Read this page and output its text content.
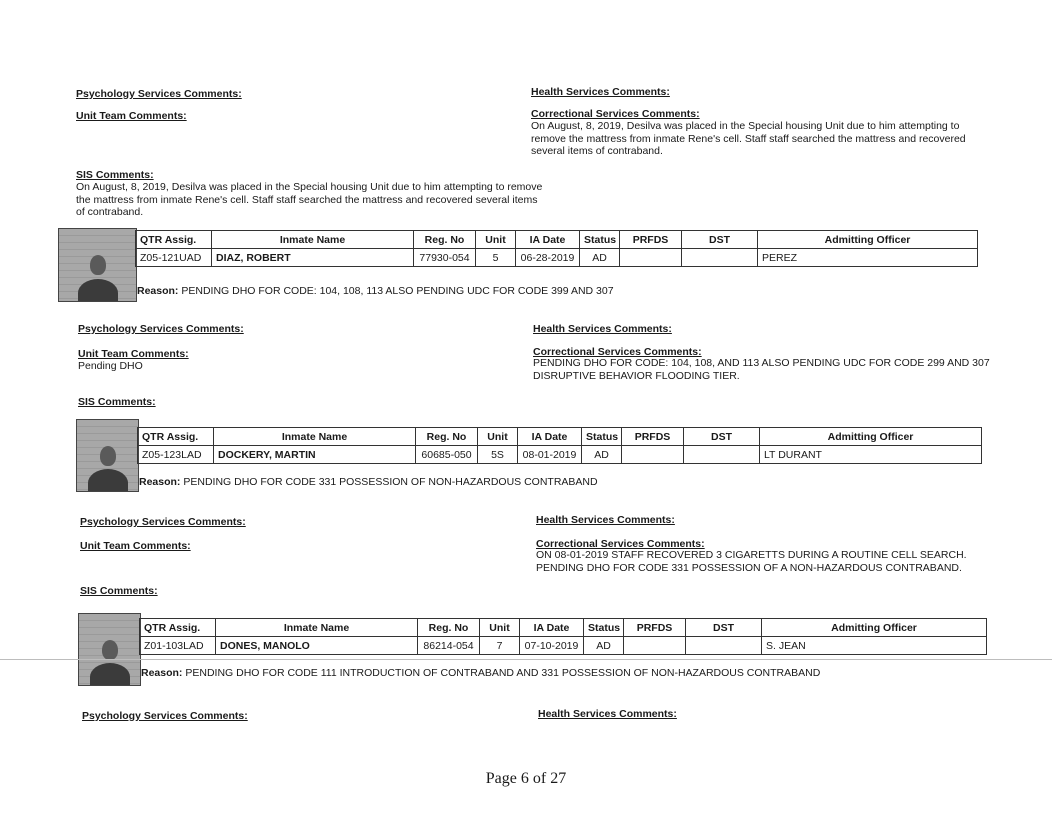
Psychology Services Comments:
Unit Team Comments:
SIS Comments:
On August, 8, 2019, Desilva was placed in the Special housing Unit due to him attempting to remove
the mattress from inmate Rene's cell. Staff staff searched the mattress and recovered several items
of contraband.
Health Services Comments:
Correctional Services Comments:
On August, 8, 2019, Desilva was placed in the Special housing Unit due to him attempting to
remove the mattress from inmate Rene's cell. Staff staff searched the mattress and recovered
several items of contraband.
QTR Assig.	Inmate Name	Reg. No	Unit	IA Date	Status	PRFDS	DST	Admitting Officer
Z05-121UAD	DIAZ, ROBERT	77930-054	5	06-28-2019	AD			PEREZ
Reason: PENDING DHO FOR CODE: 104, 108, 113 ALSO PENDING UDC FOR CODE 399 AND 307
Psychology Services Comments:
Unit Team Comments:
Pending DHO
SIS Comments:
Health Services Comments:
Correctional Services Comments:
PENDING DHO FOR CODE: 104, 108, AND 113 ALSO PENDING UDC FOR CODE 299 AND 307
DISRUPTIVE BEHAVIOR FLOODING TIER.
QTR Assig.	Inmate Name	Reg. No	Unit	IA Date	Status	PRFDS	DST	Admitting Officer
Z05-123LAD	DOCKERY, MARTIN	60685-050	5S	08-01-2019	AD			LT DURANT
Reason: PENDING DHO FOR CODE 331 POSSESSION OF NON-HAZARDOUS CONTRABAND
Psychology Services Comments:
Unit Team Comments:
SIS Comments:
Health Services Comments:
Correctional Services Comments:
ON 08-01-2019 STAFF RECOVERED 3 CIGARETTS DURING A ROUTINE CELL SEARCH.
PENDING DHO FOR CODE 331 POSSESSION OF A NON-HAZARDOUS CONTRABAND.
QTR Assig.	Inmate Name	Reg. No	Unit	IA Date	Status	PRFDS	DST	Admitting Officer
Z01-103LAD	DONES, MANOLO	86214-054	7	07-10-2019	AD			S. JEAN
Reason: PENDING DHO FOR CODE 111 INTRODUCTION OF CONTRABAND AND 331 POSSESSION OF NON-HAZARDOUS CONTRABAND
Psychology Services Comments:	Health Services Comments:
Page 6 of 27
